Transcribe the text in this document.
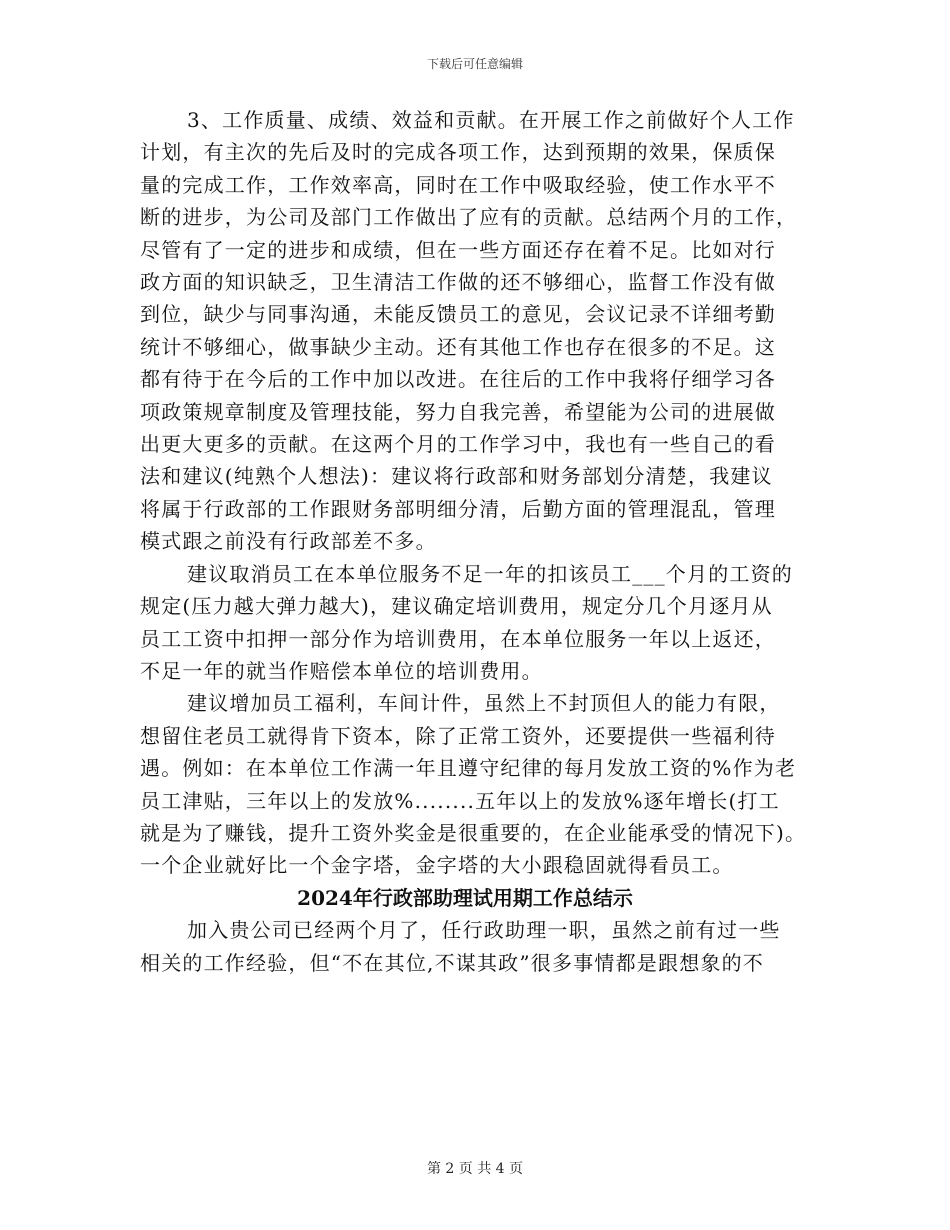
下载后可任意编辑
3、工作质量、成绩、效益和贡献。在开展工作之前做好个人工作
计划，有主次的先后及时的完成各项工作，达到预期的效果，保质保
量的完成工作，工作效率高，同时在工作中吸取经验，使工作水平不
断的进步，为公司及部门工作做出了应有的贡献。总结两个月的工作，
尽管有了一定的进步和成绩，但在一些方面还存在着不足。比如对行
政方面的知识缺乏，卫生清洁工作做的还不够细心，监督工作没有做
到位，缺少与同事沟通，未能反馈员工的意见，会议记录不详细考勤
统计不够细心，做事缺少主动。还有其他工作也存在很多的不足。这
都有待于在今后的工作中加以改进。在往后的工作中我将仔细学习各
项政策规章制度及管理技能，努力自我完善，希望能为公司的进展做
出更大更多的贡献。在这两个月的工作学习中，我也有一些自己的看
法和建议(纯熟个人想法)：建议将行政部和财务部划分清楚，我建议
将属于行政部的工作跟财务部明细分清，后勤方面的管理混乱，管理
模式跟之前没有行政部差不多。
建议取消员工在本单位服务不足一年的扣该员工___个月的工资的
规定(压力越大弹力越大)，建议确定培训费用，规定分几个月逐月从
员工工资中扣押一部分作为培训费用，在本单位服务一年以上返还，
不足一年的就当作赔偿本单位的培训费用。
建议增加员工福利，车间计件，虽然上不封顶但人的能力有限，
想留住老员工就得肯下资本，除了正常工资外，还要提供一些福利待
遇。例如：在本单位工作满一年且遵守纪律的每月发放工资的%作为老
员工津贴，三年以上的发放%........五年以上的发放%逐年增长(打工
就是为了赚钱，提升工资外奖金是很重要的，在企业能承受的情况下)。
一个企业就好比一个金字塔，金字塔的大小跟稳固就得看员工。
2024年行政部助理试用期工作总结示
加入贵公司已经两个月了，任行政助理一职，虽然之前有过一些
相关的工作经验，但“不在其位,不谋其政”很多事情都是跟想象的不
第 2 页 共 4 页
